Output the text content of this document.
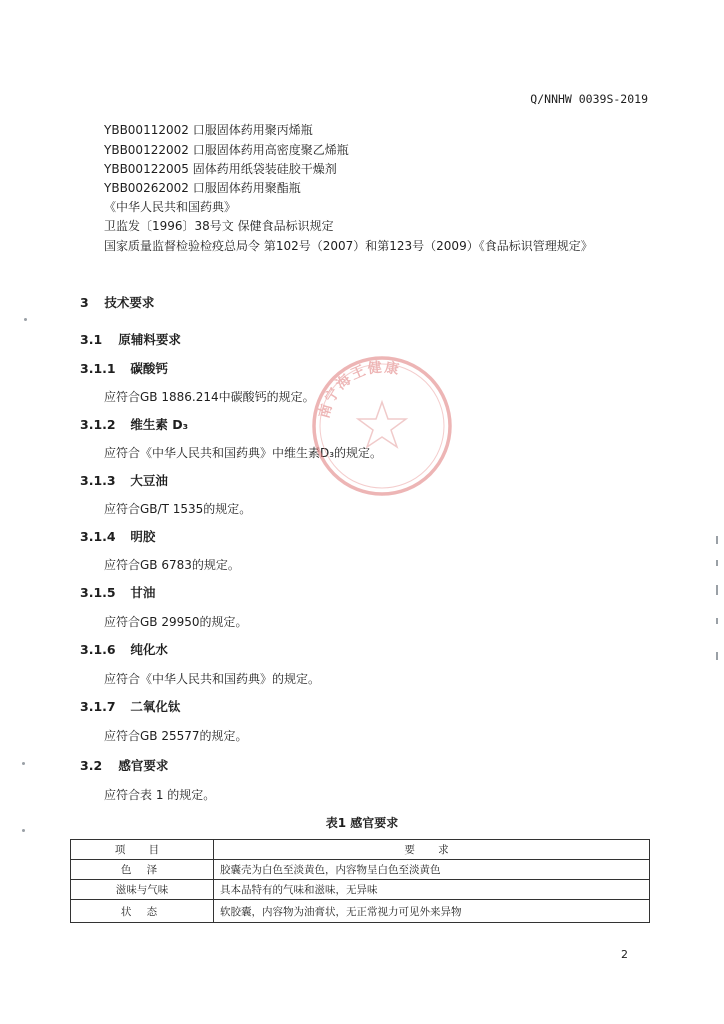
Q/NNHW 0039S-2019
YBB00112002 口服固体药用聚丙烯瓶
YBB00122002 口服固体药用高密度聚乙烯瓶
YBB00122005 固体药用纸袋装硅胶干燥剂
YBB00262002 口服固体药用聚酯瓶
《中华人民共和国药典》
卫监发〔1996〕38号文 保健食品标识规定
国家质量监督检验检疫总局令 第102号（2007）和第123号（2009）《食品标识管理规定》
3 技术要求
3.1 原辅料要求
3.1.1 碳酸钙
应符合GB 1886.214中碳酸钙的规定。
3.1.2 维生素 D₃
应符合《中华人民共和国药典》中维生素D₃的规定。
3.1.3 大豆油
应符合GB/T 1535的规定。
3.1.4 明胶
应符合GB 6783的规定。
3.1.5 甘油
应符合GB 29950的规定。
3.1.6 纯化水
应符合《中华人民共和国药典》的规定。
3.1.7 二氧化钛
应符合GB 25577的规定。
3.2 感官要求
应符合表 1 的规定。
表1 感官要求
项 目	要 求
色 泽	胶囊壳为白色至淡黄色，内容物呈白色至淡黄色
滋味与气味	具本品特有的气味和滋味，无异味
状 态	软胶囊，内容物为油膏状，无正常视力可见外来异物
南宁海王健康
2
